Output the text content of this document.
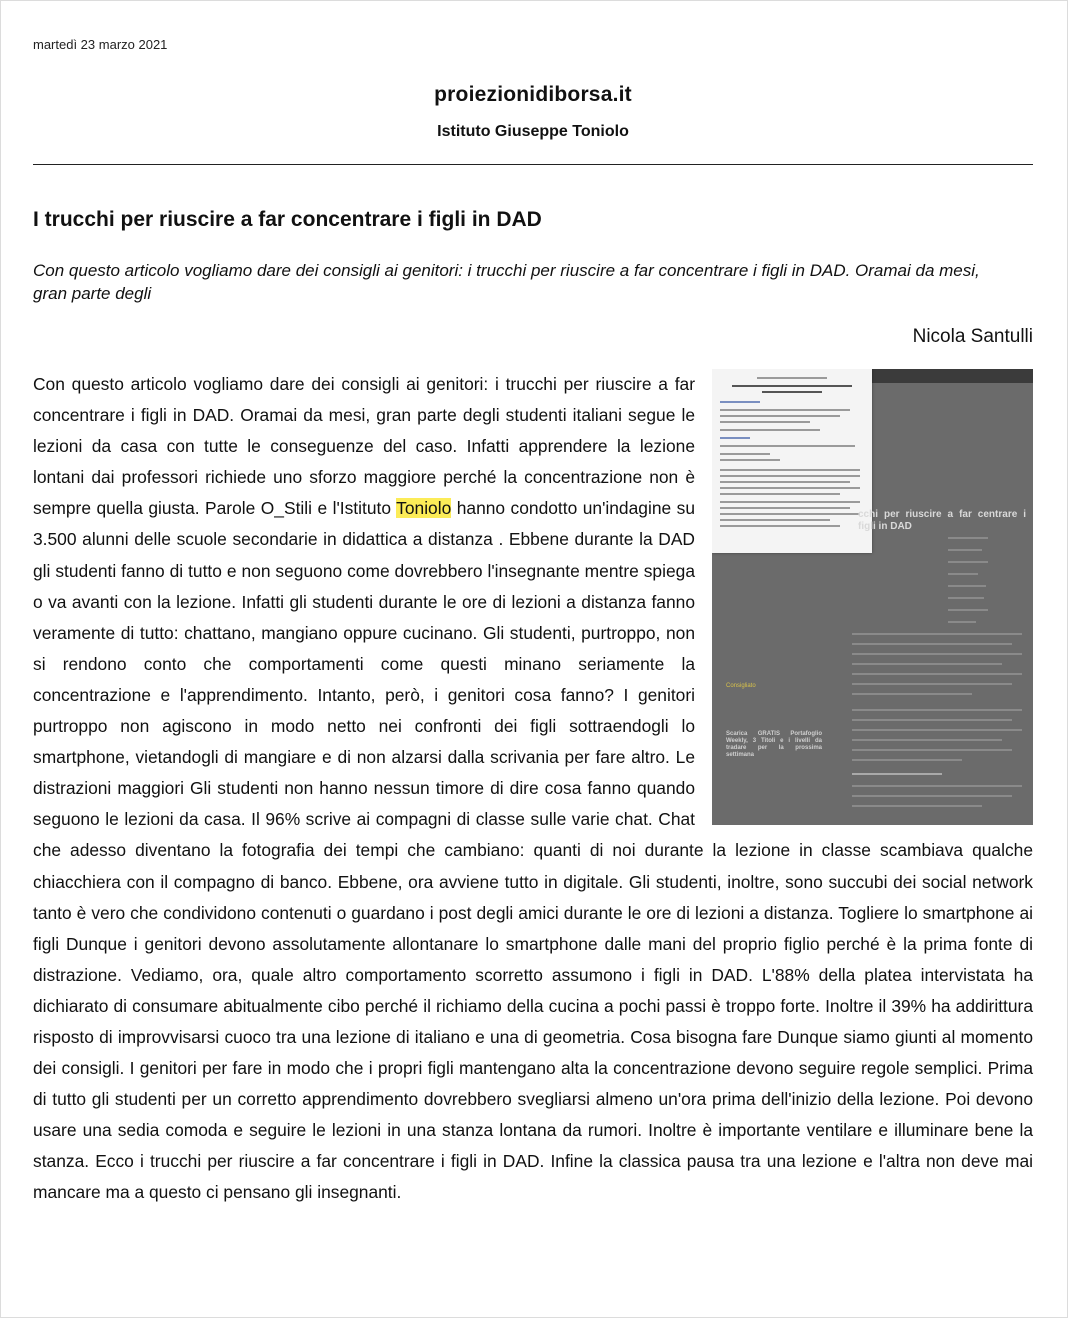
martedì 23 marzo 2021
proiezionidiborsa.it
Istituto Giuseppe Toniolo
I trucchi per riuscire a far concentrare i figli in DAD

Con questo articolo vogliamo dare dei consigli ai genitori: i trucchi per riuscire a far concentrare i figli in DAD. Oramai da mesi, gran parte degli

Nicola Santulli

cchi per riuscire a far centrare i figli in DAD
Consigliato
Scarica GRATIS Portafoglio Weekly, 3 Titoli e i livelli da tradare per la prossima settimana
Con questo articolo vogliamo dare dei consigli ai genitori: i trucchi per riuscire a far concentrare i figli in DAD. Oramai da mesi, gran parte degli studenti italiani segue le lezioni da casa con tutte le conseguenze del caso. Infatti apprendere la lezione lontani dai professori richiede uno sforzo maggiore perché la concentrazione non è sempre quella giusta. Parole O_Stili e l'Istituto Toniolo hanno condotto un'indagine su 3.500 alunni delle scuole secondarie in didattica a distanza . Ebbene durante la DAD gli studenti fanno di tutto e non seguono come dovrebbero l'insegnante mentre spiega o va avanti con la lezione. Infatti gli studenti durante le ore di lezioni a distanza fanno veramente di tutto: chattano, mangiano oppure cucinano. Gli studenti, purtroppo, non si rendono conto che comportamenti come questi minano seriamente la concentrazione e l'apprendimento. Intanto, però, i genitori cosa fanno? I genitori purtroppo non agiscono in modo netto nei confronti dei figli sottraendogli lo smartphone, vietandogli di mangiare e di non alzarsi dalla scrivania per fare altro. Le distrazioni maggiori Gli studenti non hanno nessun timore di dire cosa fanno quando seguono le lezioni da casa. Il 96% scrive ai compagni di classe sulle varie chat. Chat che adesso diventano la fotografia dei tempi che cambiano: quanti di noi durante la lezione in classe scambiava qualche chiacchiera con il compagno di banco. Ebbene, ora avviene tutto in digitale. Gli studenti, inoltre, sono succubi dei social network tanto è vero che condividono contenuti o guardano i post degli amici durante le ore di lezioni a distanza. Togliere lo smartphone ai figli Dunque i genitori devono assolutamente allontanare lo smartphone dalle mani del proprio figlio perché è la prima fonte di distrazione. Vediamo, ora, quale altro comportamento scorretto assumono i figli in DAD. L'88% della platea intervistata ha dichiarato di consumare abitualmente cibo perché il richiamo della cucina a pochi passi è troppo forte. Inoltre il 39% ha addirittura risposto di improvvisarsi cuoco tra una lezione di italiano e una di geometria. Cosa bisogna fare Dunque siamo giunti al momento dei consigli. I genitori per fare in modo che i propri figli mantengano alta la concentrazione devono seguire regole semplici. Prima di tutto gli studenti per un corretto apprendimento dovrebbero svegliarsi almeno un'ora prima dell'inizio della lezione. Poi devono usare una sedia comoda e seguire le lezioni in una stanza lontana da rumori. Inoltre è importante ventilare e illuminare bene la stanza. Ecco i trucchi per riuscire a far concentrare i figli in DAD. Infine la classica pausa tra una lezione e l'altra non deve mai mancare ma a questo ci pensano gli insegnanti.
